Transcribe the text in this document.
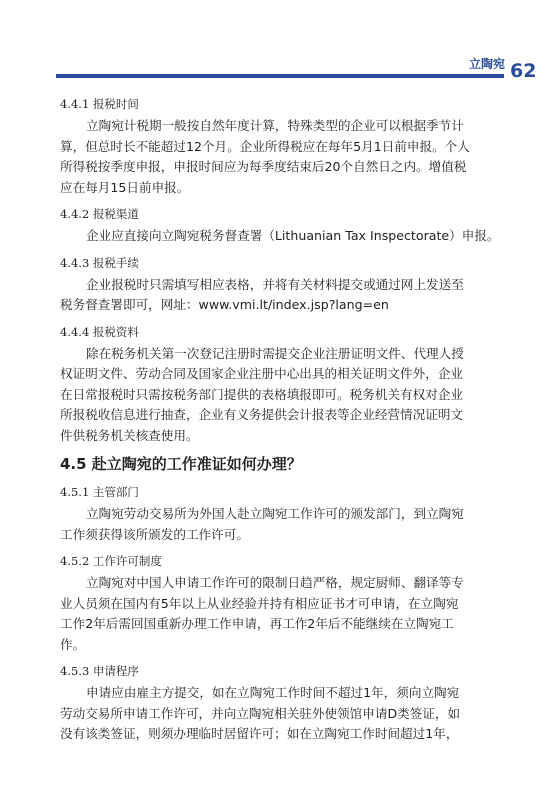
立陶宛 62
4.4.1 报税时间
立陶宛计税期一般按自然年度计算，特殊类型的企业可以根据季节计
算，但总时长不能超过12个月。企业所得税应在每年5月1日前申报。个人
所得税按季度申报，申报时间应为每季度结束后20个自然日之内。增值税
应在每月15日前申报。
4.4.2 报税渠道
企业应直接向立陶宛税务督查署（Lithuanian Tax Inspectorate）申报。
4.4.3 报税手续
企业报税时只需填写相应表格，并将有关材料提交或通过网上发送至
税务督查署即可，网址：www.vmi.lt/index.jsp?lang=en
4.4.4 报税资料
除在税务机关第一次登记注册时需提交企业注册证明文件、代理人授
权证明文件、劳动合同及国家企业注册中心出具的相关证明文件外，企业
在日常报税时只需按税务部门提供的表格填报即可。税务机关有权对企业
所报税收信息进行抽查，企业有义务提供会计报表等企业经营情况证明文
件供税务机关核查使用。
4.5 赴立陶宛的工作准证如何办理？
4.5.1 主管部门
立陶宛劳动交易所为外国人赴立陶宛工作许可的颁发部门，到立陶宛
工作须获得该所颁发的工作许可。
4.5.2 工作许可制度
立陶宛对中国人申请工作许可的限制日趋严格，规定厨师、翻译等专
业人员须在国内有5年以上从业经验并持有相应证书才可申请，在立陶宛
工作2年后需回国重新办理工作申请，再工作2年后不能继续在立陶宛工
作。
4.5.3 申请程序
申请应由雇主方提交，如在立陶宛工作时间不超过1年，须向立陶宛
劳动交易所申请工作许可，并向立陶宛相关驻外使领馆申请D类签证，如
没有该类签证，则须办理临时居留许可；如在立陶宛工作时间超过1年，
